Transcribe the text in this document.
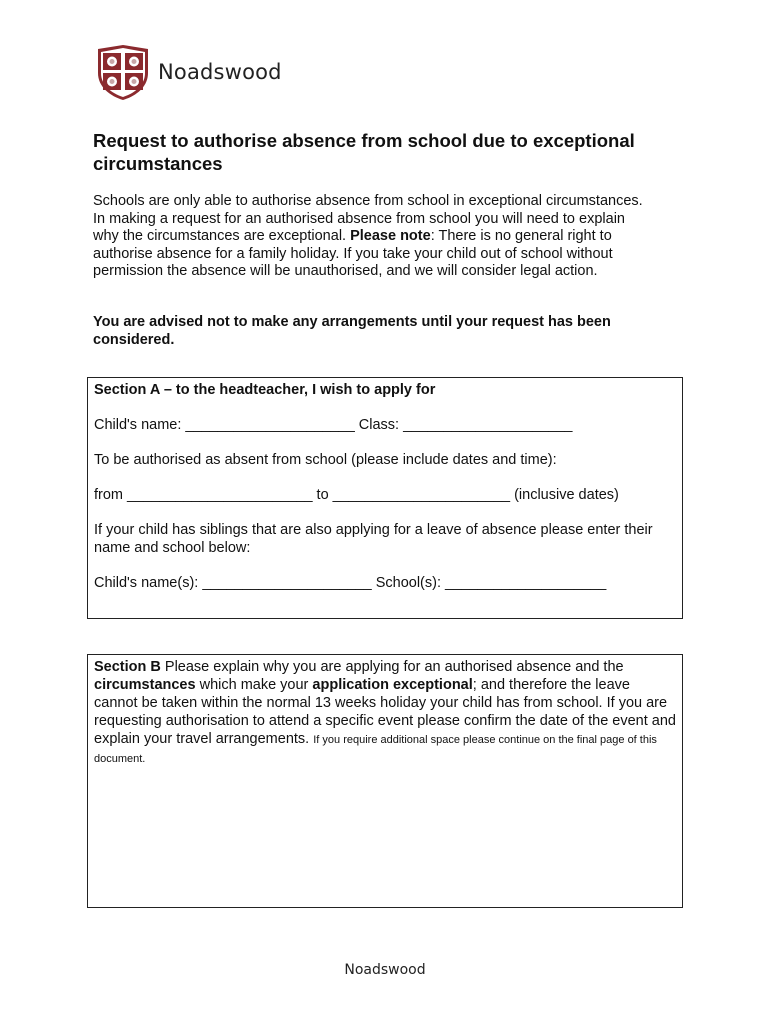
Noadswood
Request to authorise absence from school due to exceptional circumstances
Schools are only able to authorise absence from school in exceptional circumstances. In making a request for an authorised absence from school you will need to explain why the circumstances are exceptional. Please note: There is no general right to authorise absence for a family holiday. If you take your child out of school without permission the absence will be unauthorised, and we will consider legal action.
You are advised not to make any arrangements until your request has been considered.

Section A – to the headteacher, I wish to apply for

Child's name: _____________________ Class: _____________________

To be authorised as absent from school (please include dates and time):

from _______________________ to ______________________ (inclusive dates)

If your child has siblings that are also applying for a leave of absence please enter their name and school below:

Child's name(s): _____________________ School(s): ____________________

Section B Please explain why you are applying for an authorised absence and the circumstances which make your application exceptional; and therefore the leave cannot be taken within the normal 13 weeks holiday your child has from school. If you are requesting authorisation to attend a specific event please confirm the date of the event and explain your travel arrangements. If you require additional space please continue on the final page of this document.

Noadswood
